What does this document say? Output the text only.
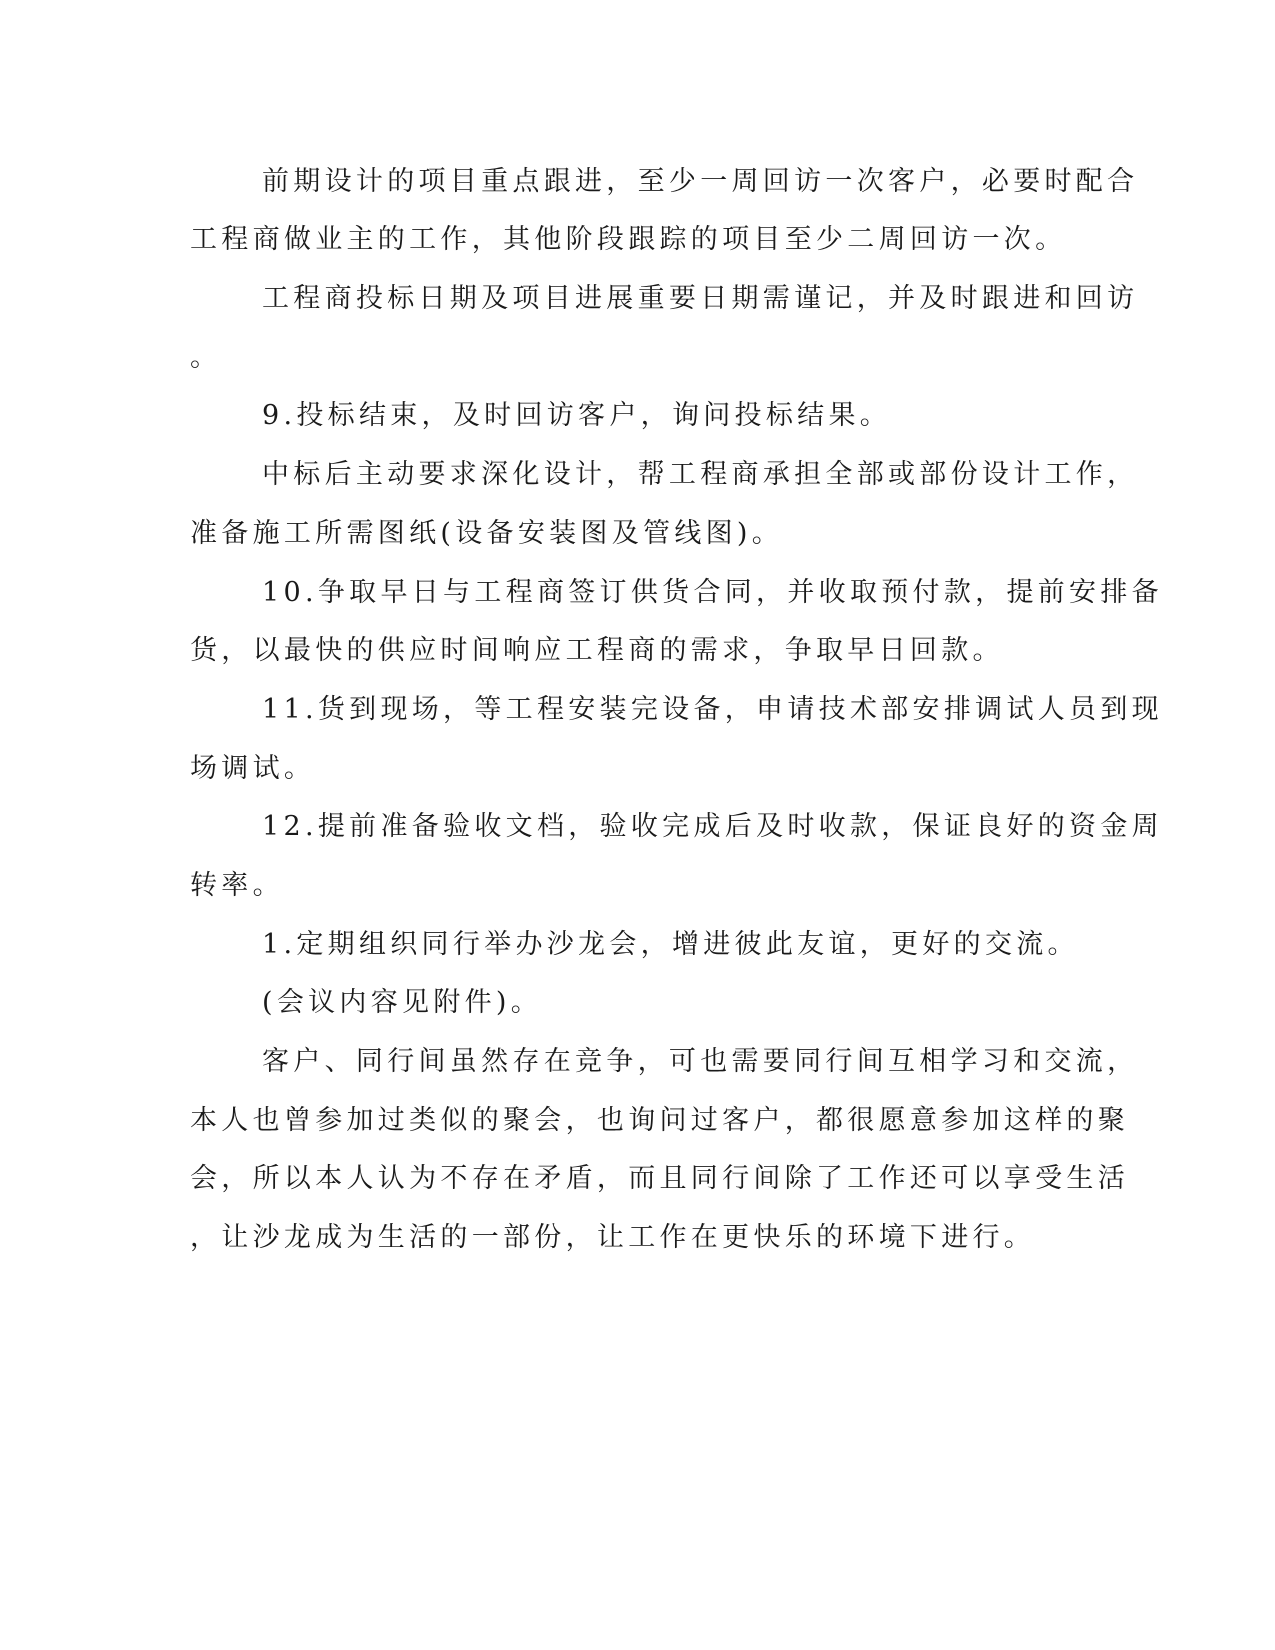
前期设计的项目重点跟进，至少一周回访一次客户，必要时配合
工程商做业主的工作，其他阶段跟踪的项目至少二周回访一次。
工程商投标日期及项目进展重要日期需谨记，并及时跟进和回访
。
9.投标结束，及时回访客户，询问投标结果。
中标后主动要求深化设计，帮工程商承担全部或部份设计工作，
准备施工所需图纸(设备安装图及管线图)。
10.争取早日与工程商签订供货合同，并收取预付款，提前安排备
货，以最快的供应时间响应工程商的需求，争取早日回款。
11.货到现场，等工程安装完设备，申请技术部安排调试人员到现
场调试。
12.提前准备验收文档，验收完成后及时收款，保证良好的资金周
转率。
1.定期组织同行举办沙龙会，增进彼此友谊，更好的交流。
(会议内容见附件)。
客户、同行间虽然存在竞争，可也需要同行间互相学习和交流，
本人也曾参加过类似的聚会，也询问过客户，都很愿意参加这样的聚
会，所以本人认为不存在矛盾，而且同行间除了工作还可以享受生活
，让沙龙成为生活的一部份，让工作在更快乐的环境下进行。
